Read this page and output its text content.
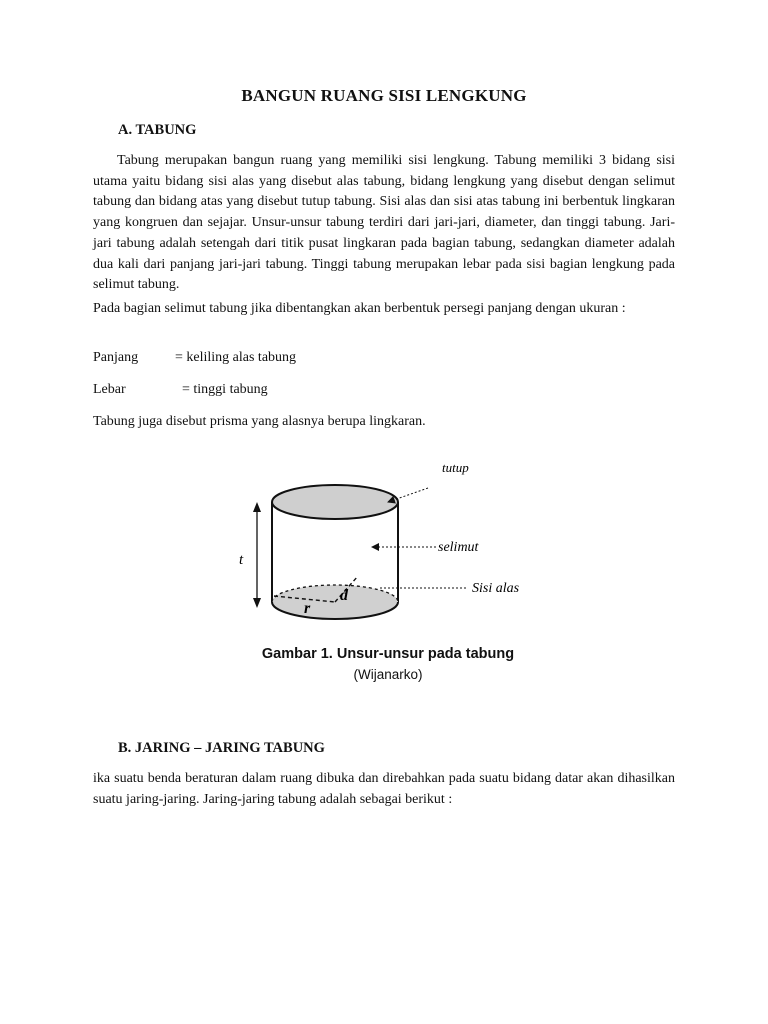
BANGUN RUANG SISI LENGKUNG
A. TABUNG

Tabung merupakan bangun ruang yang memiliki sisi lengkung. Tabung memiliki 3 bidang sisi utama yaitu bidang sisi alas yang disebut alas tabung, bidang lengkung yang disebut dengan selimut tabung dan bidang atas yang disebut tutup tabung. Sisi alas dan sisi atas tabung ini berbentuk lingkaran yang kongruen dan sejajar. Unsur-unsur tabung terdiri dari jari-jari, diameter, dan tinggi tabung. Jari-jari tabung adalah setengah dari titik pusat lingkaran pada bagian tabung, sedangkan diameter adalah dua kali dari panjang jari-jari tabung. Tinggi tabung merupakan lebar pada sisi bagian lengkung pada selimut tabung.

Pada bagian selimut tabung jika dibentangkan akan berbentuk persegi panjang dengan ukuran :

Panjang	= keliling alas tabung
Lebar	= tinggi tabung
Tabung juga disebut prisma yang alasnya berupa lingkaran.
tutup
selimut
Sisi alas
t
r
d
Gambar 1. Unsur-unsur pada tabung
(Wijanarko)
B. JARING – JARING TABUNG

ika suatu benda beraturan dalam ruang dibuka dan direbahkan pada suatu bidang datar akan dihasilkan suatu jaring-jaring. Jaring-jaring tabung adalah sebagai berikut :
